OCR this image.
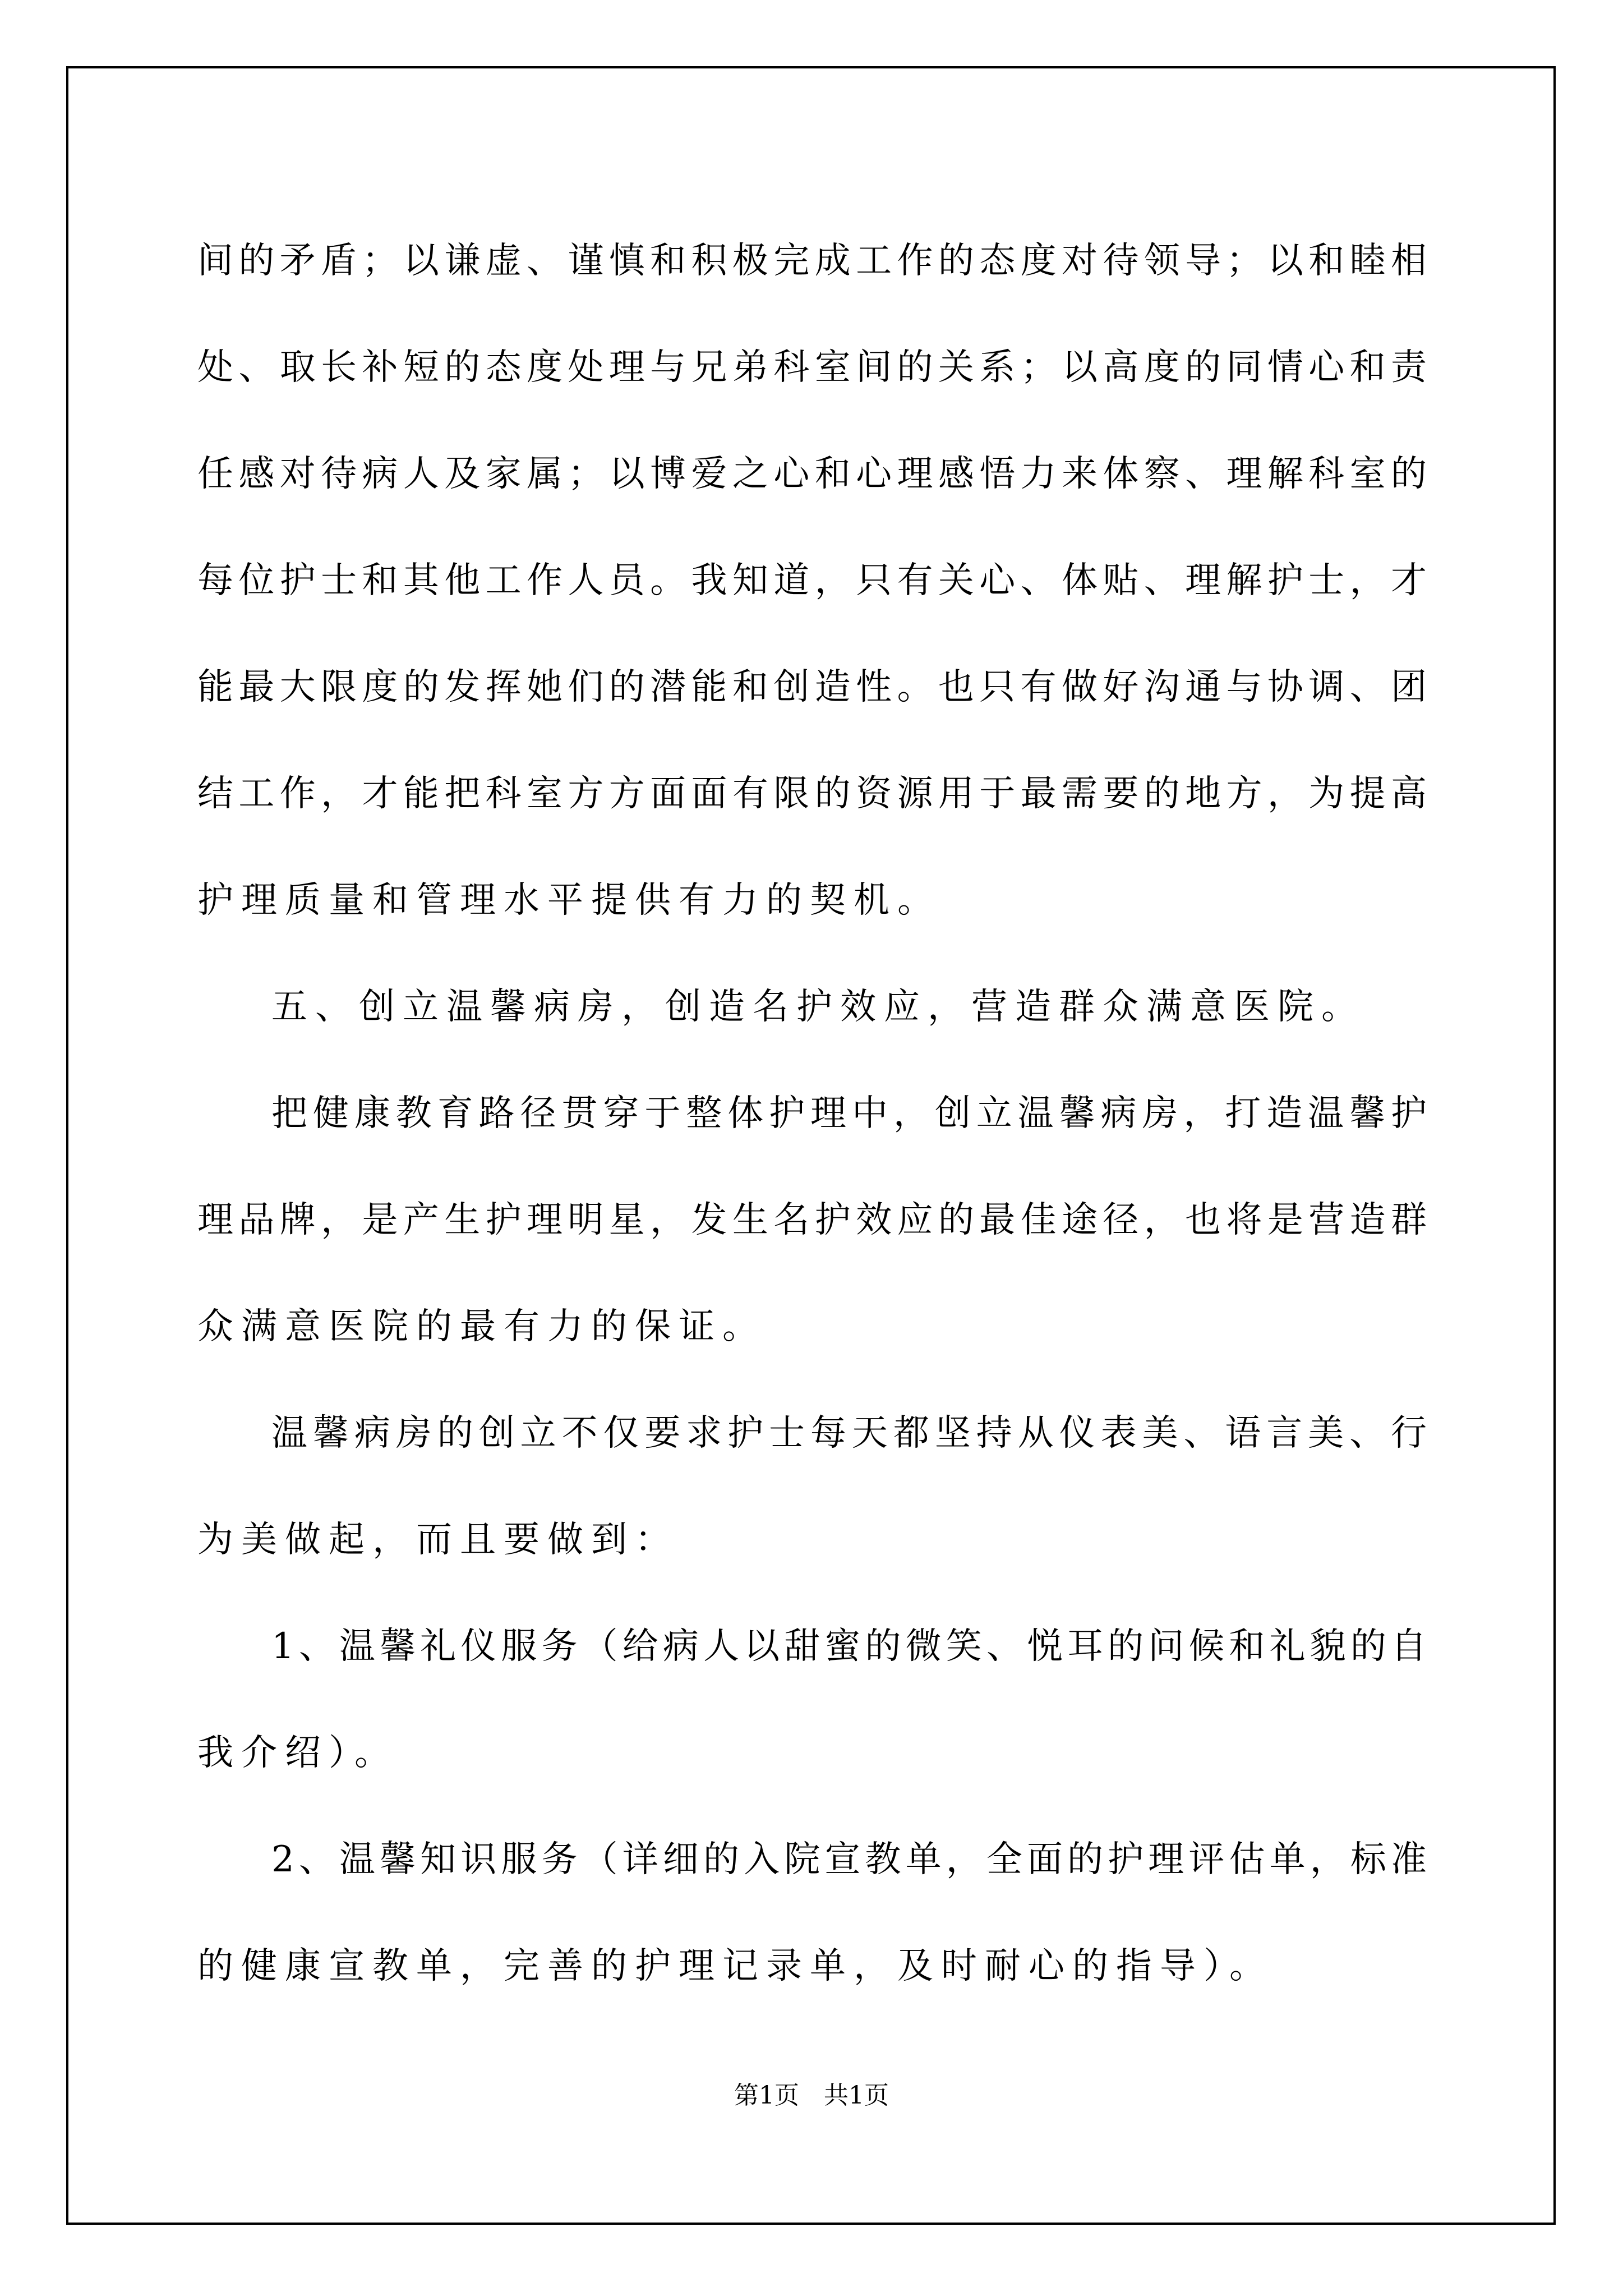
间的矛盾；以谦虚、谨慎和积极完成工作的态度对待领导；以和睦相
处、取长补短的态度处理与兄弟科室间的关系；以高度的同情心和责
任感对待病人及家属；以博爱之心和心理感悟力来体察、理解科室的
每位护士和其他工作人员。我知道，只有关心、体贴、理解护士，才
能最大限度的发挥她们的潜能和创造性。也只有做好沟通与协调、团
结工作，才能把科室方方面面有限的资源用于最需要的地方，为提高
护理质量和管理水平提供有力的契机。
五、创立温馨病房，创造名护效应，营造群众满意医院。
把健康教育路径贯穿于整体护理中，创立温馨病房，打造温馨护
理品牌，是产生护理明星，发生名护效应的最佳途径，也将是营造群
众满意医院的最有力的保证。
温馨病房的创立不仅要求护士每天都坚持从仪表美、语言美、行
为美做起，而且要做到：
1、温馨礼仪服务（给病人以甜蜜的微笑、悦耳的问候和礼貌的自
我介绍）。
2、温馨知识服务（详细的入院宣教单，全面的护理评估单，标准
的健康宣教单，完善的护理记录单，及时耐心的指导）。
第1页 共1页
